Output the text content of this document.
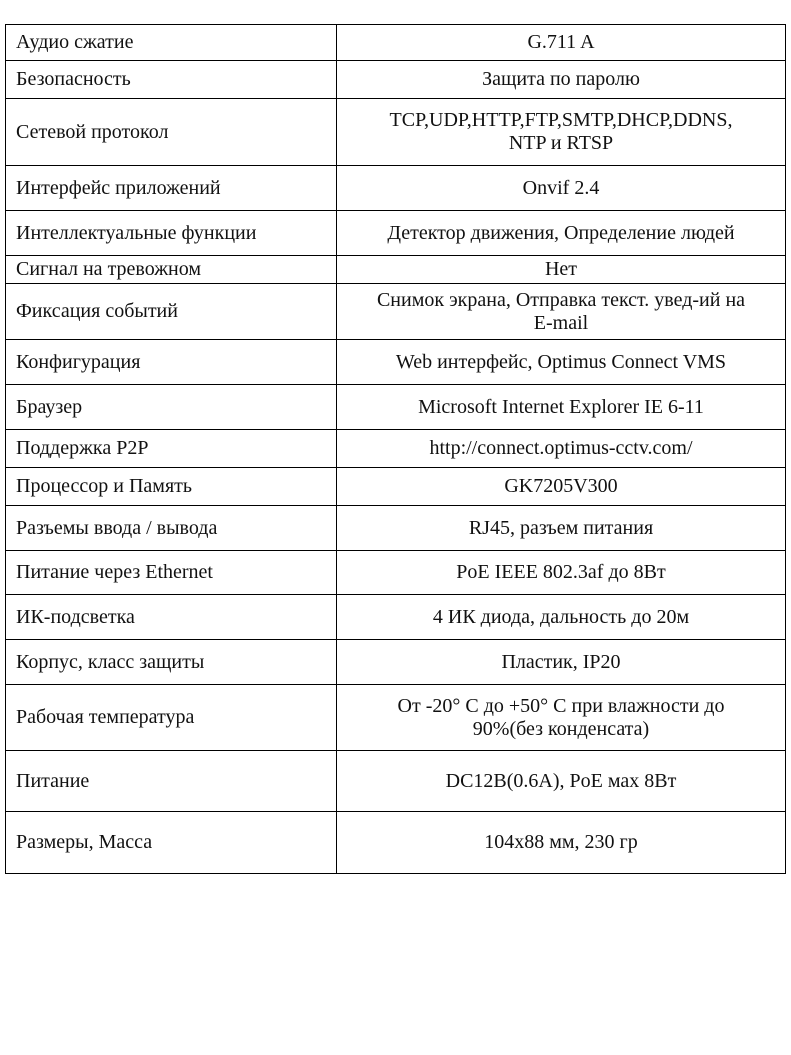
Аудио сжатие	G.711 A
Безопасность	Защита по паролю
Сетевой протокол	TCP,UDP,HTTP,FTP,SMTP,DHCP,DDNS,
NTP и RTSP

Интерфейс приложений	Onvif 2.4
Интеллектуальные функции	Детектор движения, Определение людей
Сигнал на тревожном	Нет
Фиксация событий	Снимок экрана, Отправка текст. увед-ий на
E-mail

Конфигурация	Web интерфейс, Optimus Connect VMS
Браузер	Microsoft Internet Explorer IE 6-11
Поддержка P2P	http://connect.optimus-cctv.com/
Процессор и Память	GK7205V300
Разъемы ввода / вывода	RJ45, разъем питания
Питание через Ethernet	PoE IEEE 802.3af до 8Вт
ИК-подсветка	4 ИК диода, дальность до 20м
Корпус, класс защиты	Пластик, IP20
Рабочая температура	От -20° С до +50° С при влажности до
90%(без конденсата)

Питание	DC12В(0.6А), PoE мах 8Вт
Размеры, Масса	104x88 мм, 230 гр
